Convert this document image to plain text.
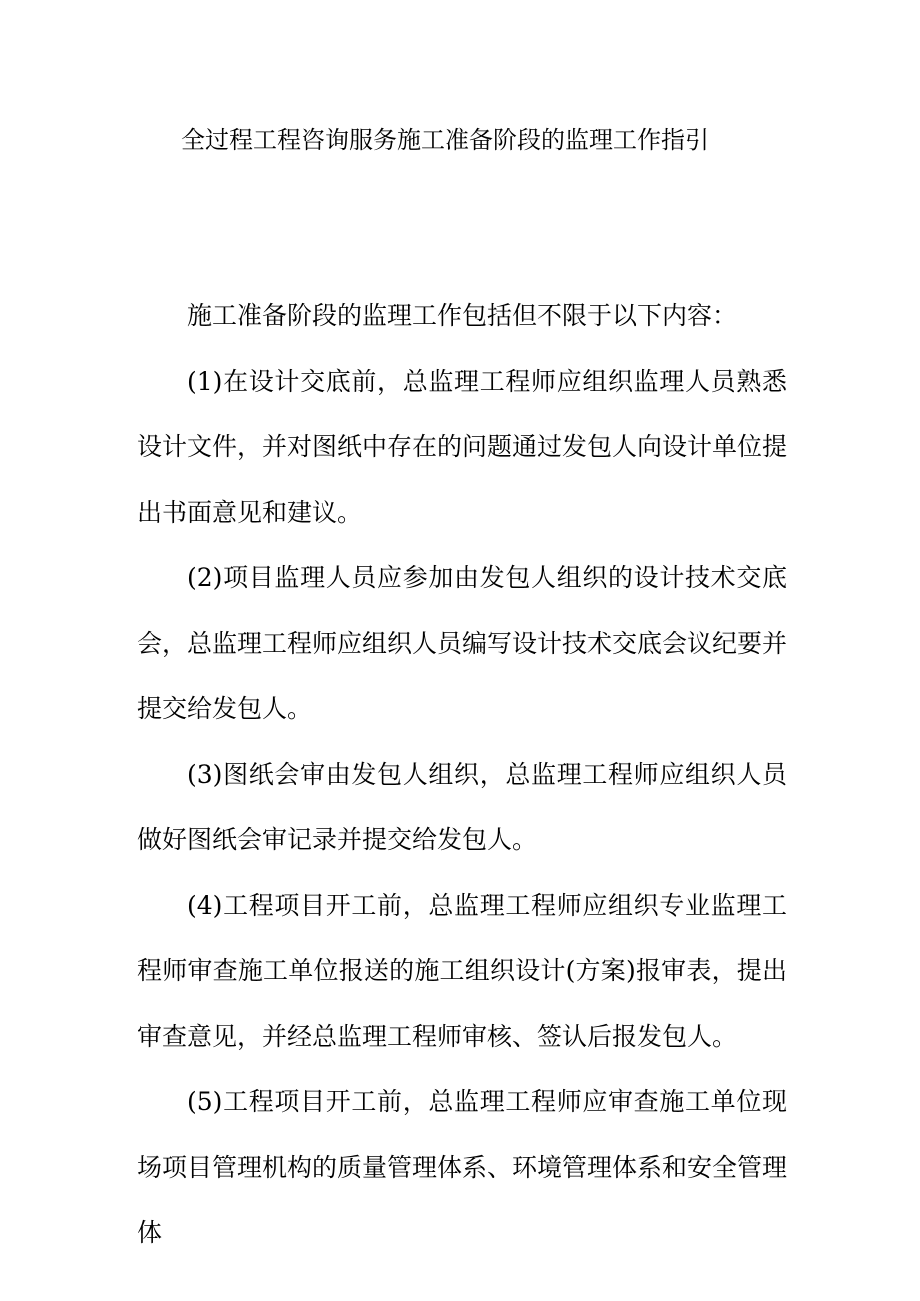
全过程工程咨询服务施工准备阶段的监理工作指引

施工准备阶段的监理工作包括但不限于以下内容：

(1)在设计交底前，总监理工程师应组织监理人员熟悉设计文件，并对图纸中存在的问题通过发包人向设计单位提出书面意见和建议。

(2)项目监理人员应参加由发包人组织的设计技术交底会，总监理工程师应组织人员编写设计技术交底会议纪要并提交给发包人。

(3)图纸会审由发包人组织，总监理工程师应组织人员做好图纸会审记录并提交给发包人。

(4)工程项目开工前，总监理工程师应组织专业监理工程师审查施工单位报送的施工组织设计(方案)报审表，提出审查意见，并经总监理工程师审核、签认后报发包人。

(5)工程项目开工前，总监理工程师应审查施工单位现场项目管理机构的质量管理体系、环境管理体系和安全管理体
